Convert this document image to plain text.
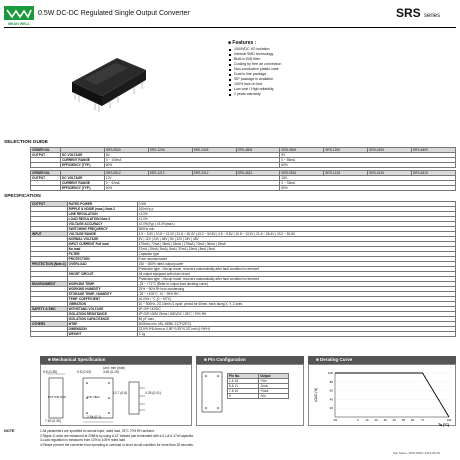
MEAN WELL
0.5W DC-DC Regulated Single Output Converter	SRS series
■ Features :
1000VDC I/O isolation
Internal SMD technology
Built-in EMI filter
Cooling by free air convection
Non-conductive plastic case
Dual in line package
SIP package is available
100% burn-in test
Low cost / High reliability
2 years warranty
SELECTION GUIDE
ORDER NO.		SRS-0505	SRS-1205	SRS-2405	SRS-4805	SRS-0509	SRS-1209	SRS-2409	SRS-4809
OUTPUT	DC VOLTAGE	5V				9V			
	CURRENT RANGE	0 ~ 100mA				0 ~ 56mA			
	EFFICIENCY (TYP.)	60%				60%			
ORDER NO.		SRS-0512	SRS-1212	SRS-2412	SRS-4812	SRS-0515	SRS-1215	SRS-2415	SRS-4815
OUTPUT	DC VOLTAGE	12V				15V			
	CURRENT RANGE	0 ~ 42mA				0 ~ 33mA			
	EFFICIENCY (TYP.)	60%				60%			
SPECIFICATION
OUTPUT	RATED POWER	0.5W
	RIPPLE & NOISE (max.) Note.2	100mVp-p
	LINE REGULATION	±1.0%
	LOAD REGULATION Note.3	±1.0%
	VOLTAGE ACCURACY	±2.0%(Typ.) ±3.0%(max.)
	SWITCHING FREQUENCY	50KHz min.
INPUT	VOLTAGE RANGE	4.5 ~ 5.5V | 10.8 ~ 13.2V | 21.6 ~ 26.4V | 43.2 ~ 52.8V | 4.5 ~ 5.5V | 10.8 ~ 13.2V | 21.6 ~ 26.4V | 43.2 ~ 52.8V
	NORMAL VOLTAGE	5V | 12V | 24V | 48V | 5V | 12V | 24V | 48V
	INPUT CURRENT Full load	175mA | 72mA | 36mA | 18mA | 175mA | 72mA | 36mA | 18mA
	No load	37mA | 15mA | 8mA | 5mA | 37mA | 15mA | 8mA | 5mA
	FILTER	Capacitor type
	PROTECTION	Fuse recommended
PROTECTION (Note.4)	OVERLOAD	150 ~ 300% rated output power
		Protection type : Hiccup mode, recovers automatically after fault condition is removed
	SHORT CIRCUIT	All output equipped with short circuit
		Protection type : Hiccup mode, recovers automatically after fault condition is removed
ENVIRONMENT	WORKING TEMP.	-25 ~ +71°C (Refer to output load derating curve)
	WORKING HUMIDITY	20% ~ 90% RH non-condensing
	STORAGE TEMP., HUMIDITY	-25 ~ +105°C, 10 ~ 95% RH
	TEMP. COEFFICIENT	±0.03% / °C (0 ~ 60°C)
	VIBRATION	10 ~ 500Hz, 2G 10min./1 cycle, period for 60min. each along X, Y, Z axes
SAFETY & EMC	WITHSTAND VOLTAGE	I/P-O/P:1KVDC
	ISOLATION RESISTANCE	I/P-O/P:100M Ohms / 500VDC / 25°C / 70% RH
	ISOLATION CAPACITANCE	80 pF max.
OTHERS	MTBF	600Khrs min. MIL-HDBK-217F(25°C)
	DIMENSION	22.6*9.5*8.4mm or 0.89"*0.35"*0.33" inch (L*W*H)
	WEIGHT	3.1g
■ Mechanical Specification
Unit: mm (inch)
9.5 (0.35)	0.5 (0.02)	3.81 (0.15)
12.7 (0.5)
2.54 (0.1)
7.62 (0.30)
0.25 (0.01)
BOTTOM VIEW	TOP VIEW
■ Pin Configuration
Pin No.	Output
1 & 16	+Vin
8 & 11	-Vout
7 & 10	+Vout
9	-Vin
■ Derating Curve
100
80
60
40
20
-25	0 10 20 30 40 50 60 71	100
LOAD (%)
Ta (°C)
NOTE	1.All parameters are specified at normal input, rated load, 25°C 70% RH ambient.
2.Ripple & noise are measured at 20MHz by using a 12" twisted pair terminated with a 0.1uf & 47uf capacitor.
3.Load regulation is measured from 10% to 100% rated load
4.Please prevent the converter from operating in overload or short circuit condition for more than 30 seconds.
File Name: SRS-SPEC 2013-06-26
